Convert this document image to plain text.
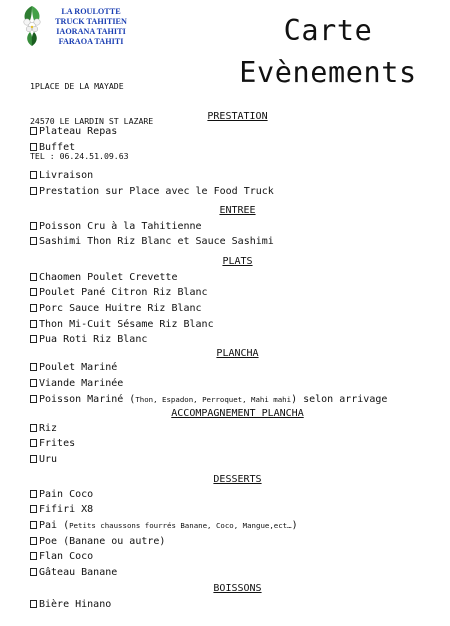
LA ROULOTTE
TRUCK TAHITIEN
IAORANA TAHITI
FARAOA TAHITI

1PLACE DE LA MAYADE

24570 LE LARDIN ST LAZARE

TEL : 06.24.51.09.63

Carte
Evènements
PRESTATION
Plateau Repas
Buffet
Livraison
Prestation sur Place avec le Food Truck
ENTREE
Poisson Cru à la Tahitienne
Sashimi Thon Riz Blanc et Sauce Sashimi
PLATS
Chaomen Poulet Crevette
Poulet Pané Citron Riz Blanc
Porc Sauce Huitre Riz Blanc
Thon Mi-Cuit Sésame Riz Blanc
Pua Roti Riz Blanc
PLANCHA
Poulet Mariné
Viande Marinée
Poisson Mariné (Thon, Espadon, Perroquet, Mahi mahi) selon arrivage
ACCOMPAGNEMENT PLANCHA
Riz
Frites
Uru
DESSERTS
Pain Coco
Fifiri X8
Pai (Petits chaussons fourrés Banane, Coco, Mangue,ect…)
Poe (Banane ou autre)
Flan Coco
Gâteau Banane
BOISSONS
Bière Hinano
